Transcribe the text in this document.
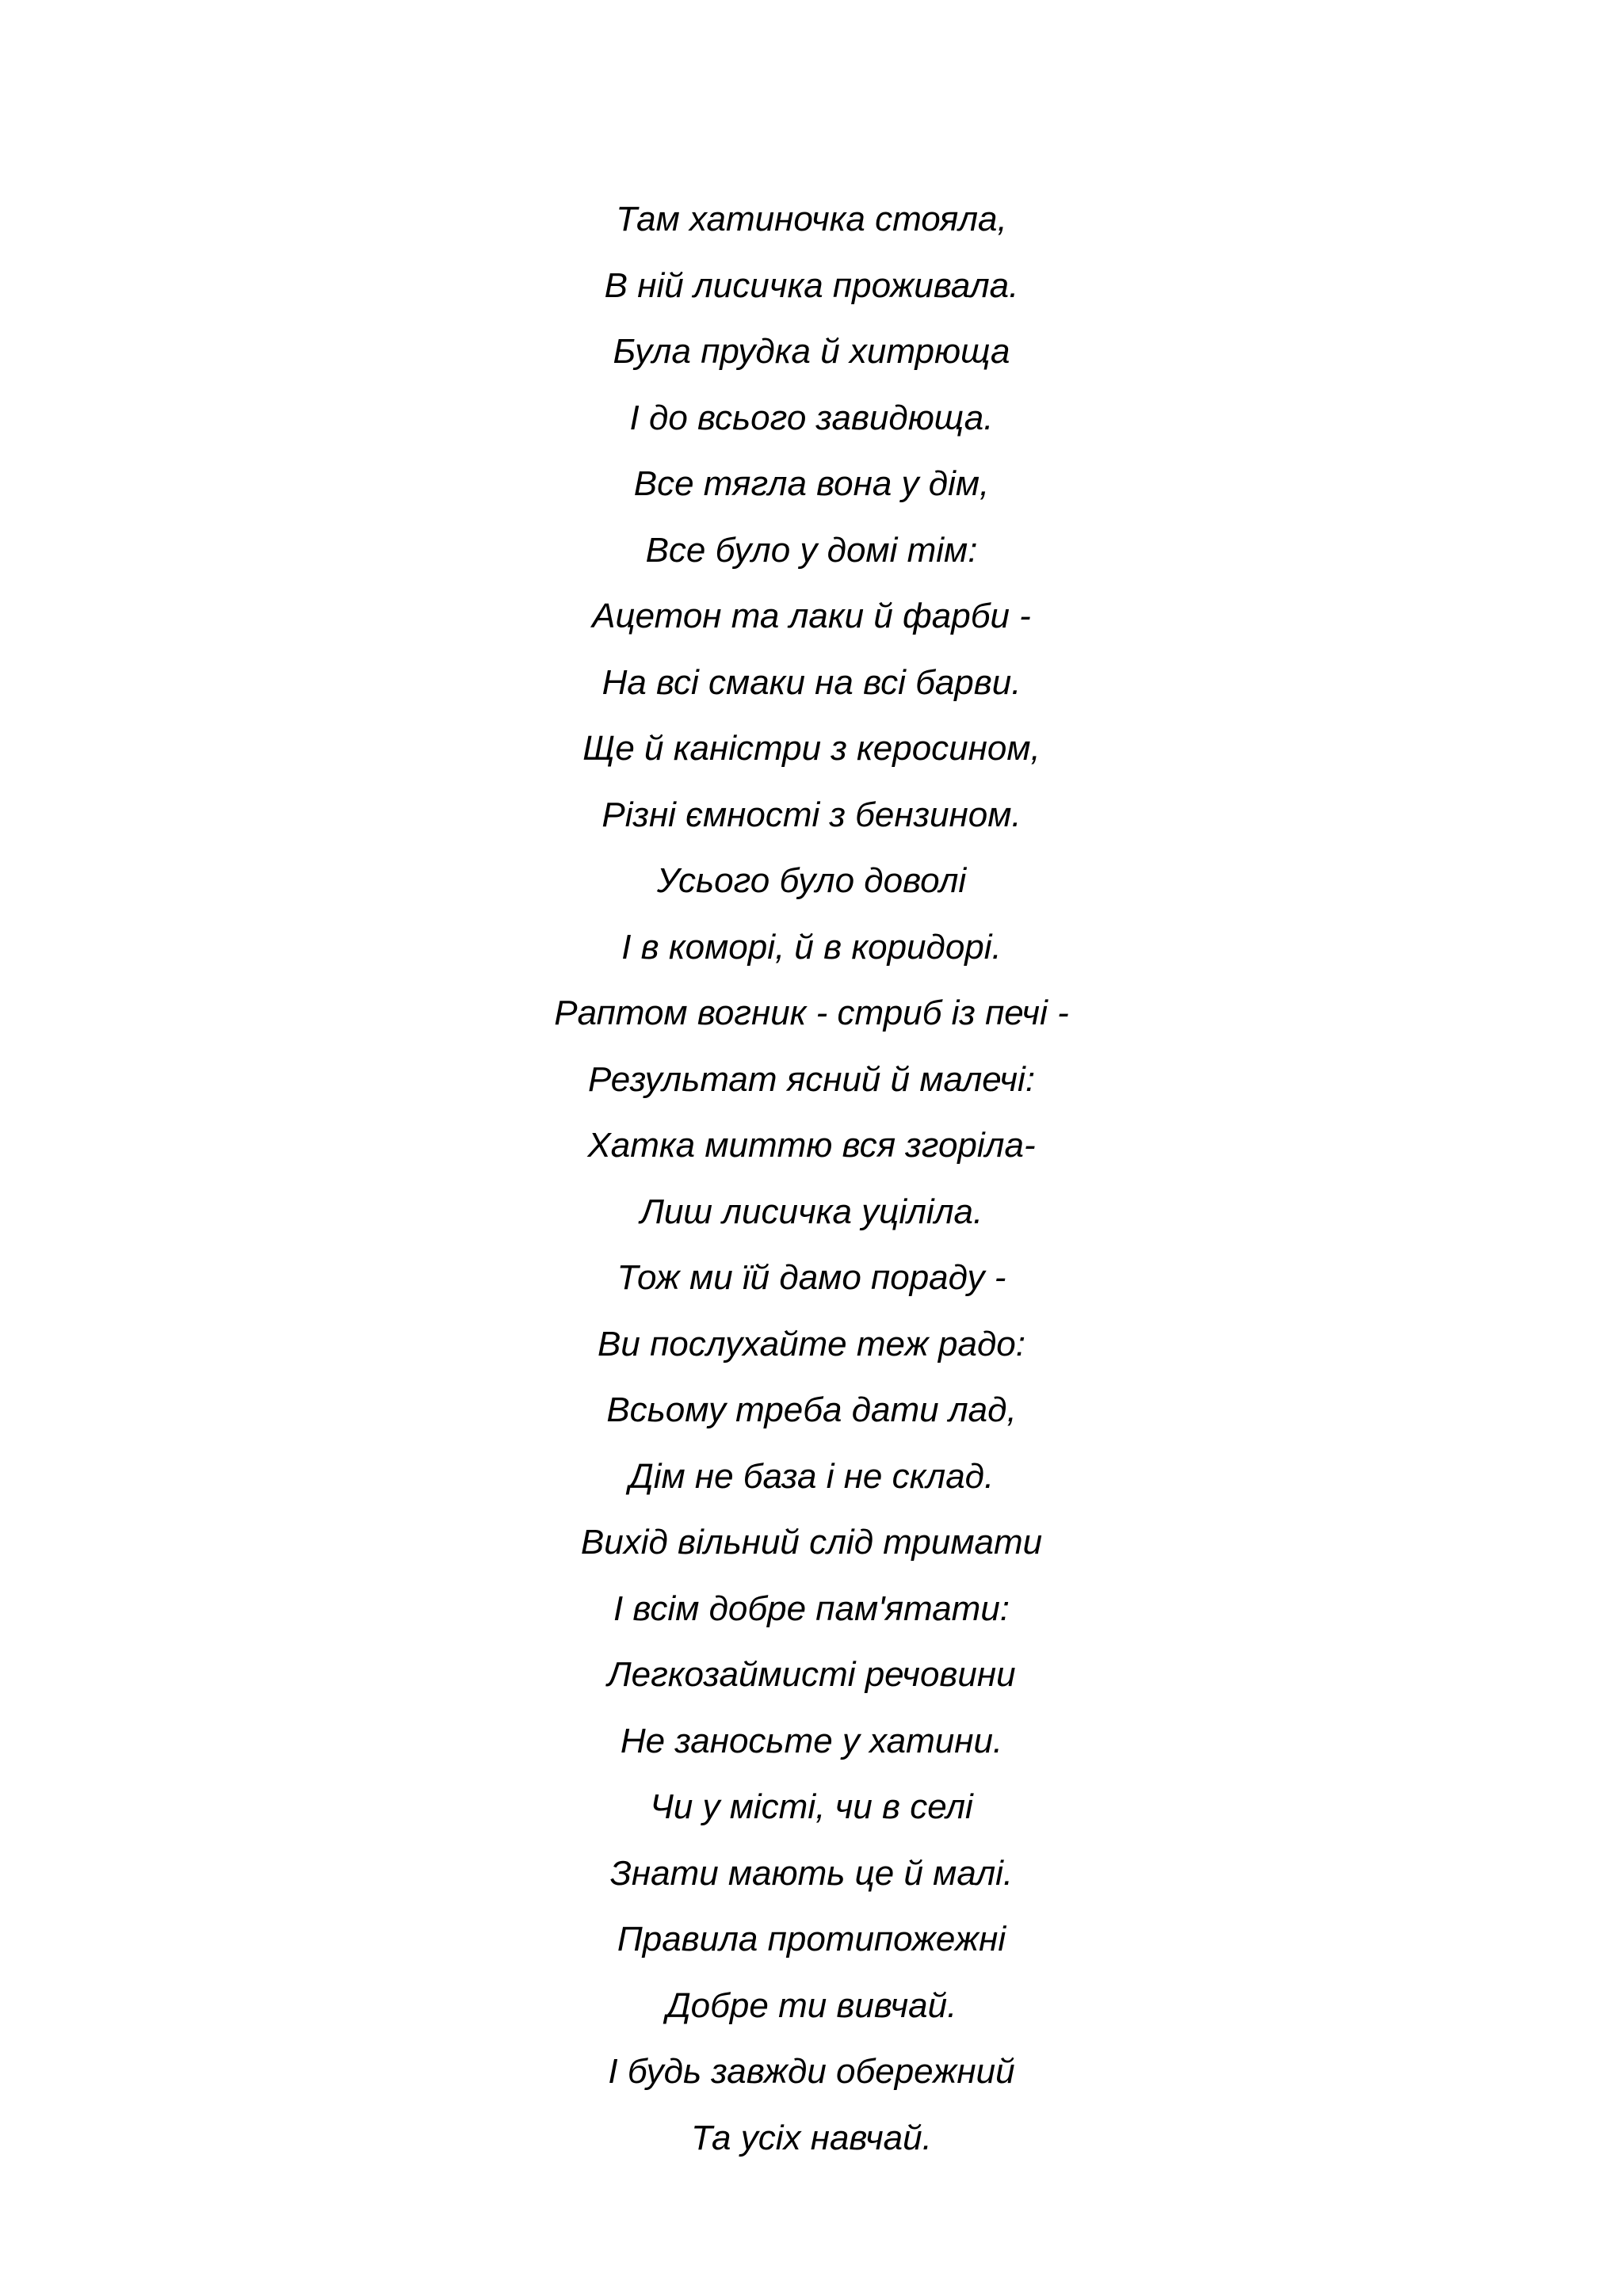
Там хатиночка стояла,
В ній лисичка проживала.
Була прудка й хитрюща
І до всього завидюща.
Все тягла вона у дім,
Все було у домі тім:
Ацетон та лаки й фарби -
На всі смаки на всі барви.
Ще й каністри з керосином,
Різні ємності з бензином.
Усього було доволі
І в коморі, й в коридорі.
Раптом вогник - стриб із печі -
Результат ясний й малечі:
Хатка миттю вся згоріла-
Лиш лисичка уціліла.
Тож ми їй дамо пораду -
Ви послухайте теж радо:
Всьому треба дати лад,
Дім не база і не склад.
Вихід вільний слід тримати
І всім добре пам'ятати:
Легкозаймисті речовини
Не заносьте у хатини.
Чи у місті, чи в селі
Знати мають це й малі.
Правила протипожежні
Добре ти вивчай.
І будь завжди обережний
Та усіх навчай.
